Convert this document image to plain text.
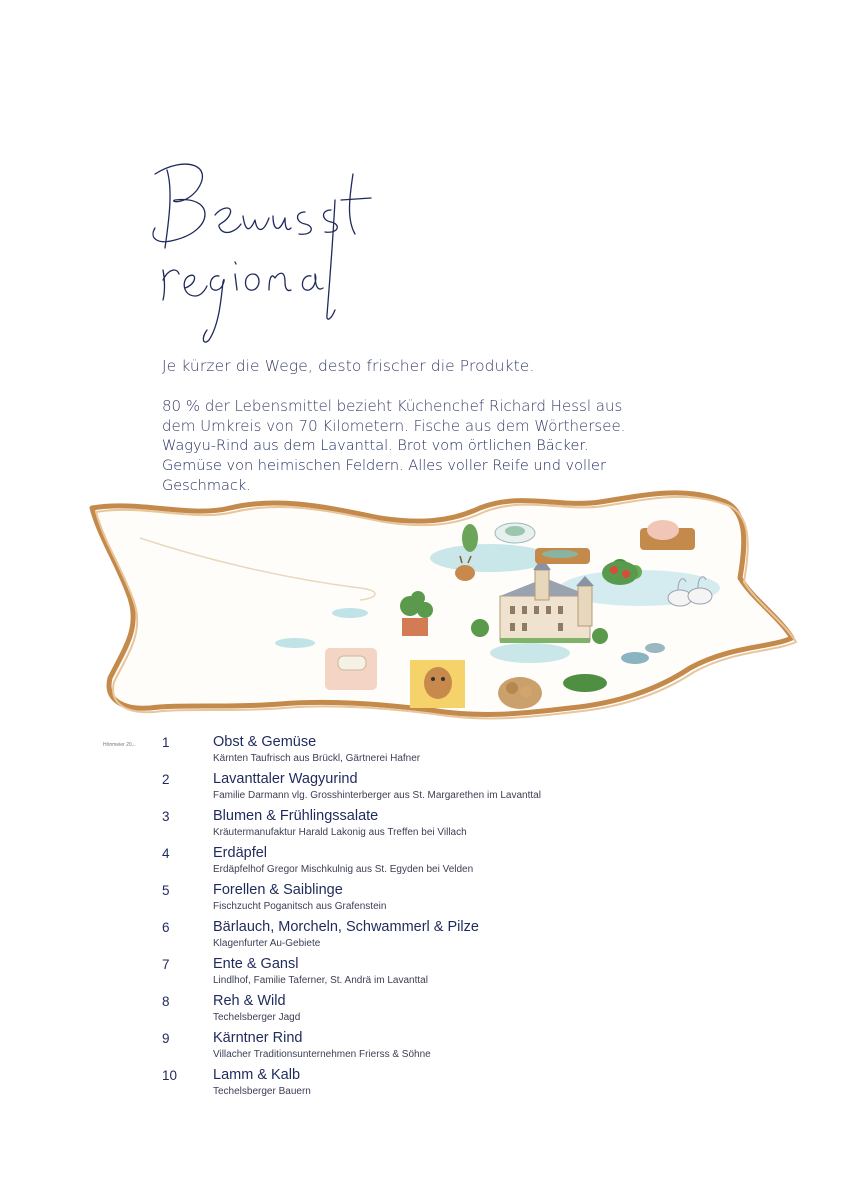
Je kürzer die Wege, desto frischer die Produkte.

80 % der Lebensmittel bezieht Küchenchef Richard Hessl aus dem Umkreis von 70 Kilometern. Fische aus dem Wörthersee.

Wagyu-Rind aus dem Lavanttal. Brot vom örtlichen Bäcker. Gemüse von heimischen Feldern. Alles voller Reife und voller Geschmack.

Hönmeier 20... 1	Obst & Gemüse
Kärnten Taufrisch aus Brückl, Gärtnerei Hafner
2	Lavanttaler Wagyurind
Familie Darmann vlg. Grosshinterberger aus St. Margarethen im Lavanttal
3	Blumen & Frühlingssalate
Kräutermanufaktur Harald Lakonig aus Treffen bei Villach
4	Erdäpfel
Erdäpfelhof Gregor Mischkulnig aus St. Egyden bei Velden
5	Forellen & Saiblinge
Fischzucht Poganitsch aus Grafenstein
6	Bärlauch, Morcheln, Schwammerl & Pilze
Klagenfurter Au-Gebiete
7	Ente & Gansl
Lindlhof, Familie Taferner, St. Andrä im Lavanttal
8	Reh & Wild
Techelsberger Jagd
9	Kärntner Rind
Villacher Traditionsunternehmen Frierss & Söhne
10	Lamm & Kalb
Techelsberger Bauern
